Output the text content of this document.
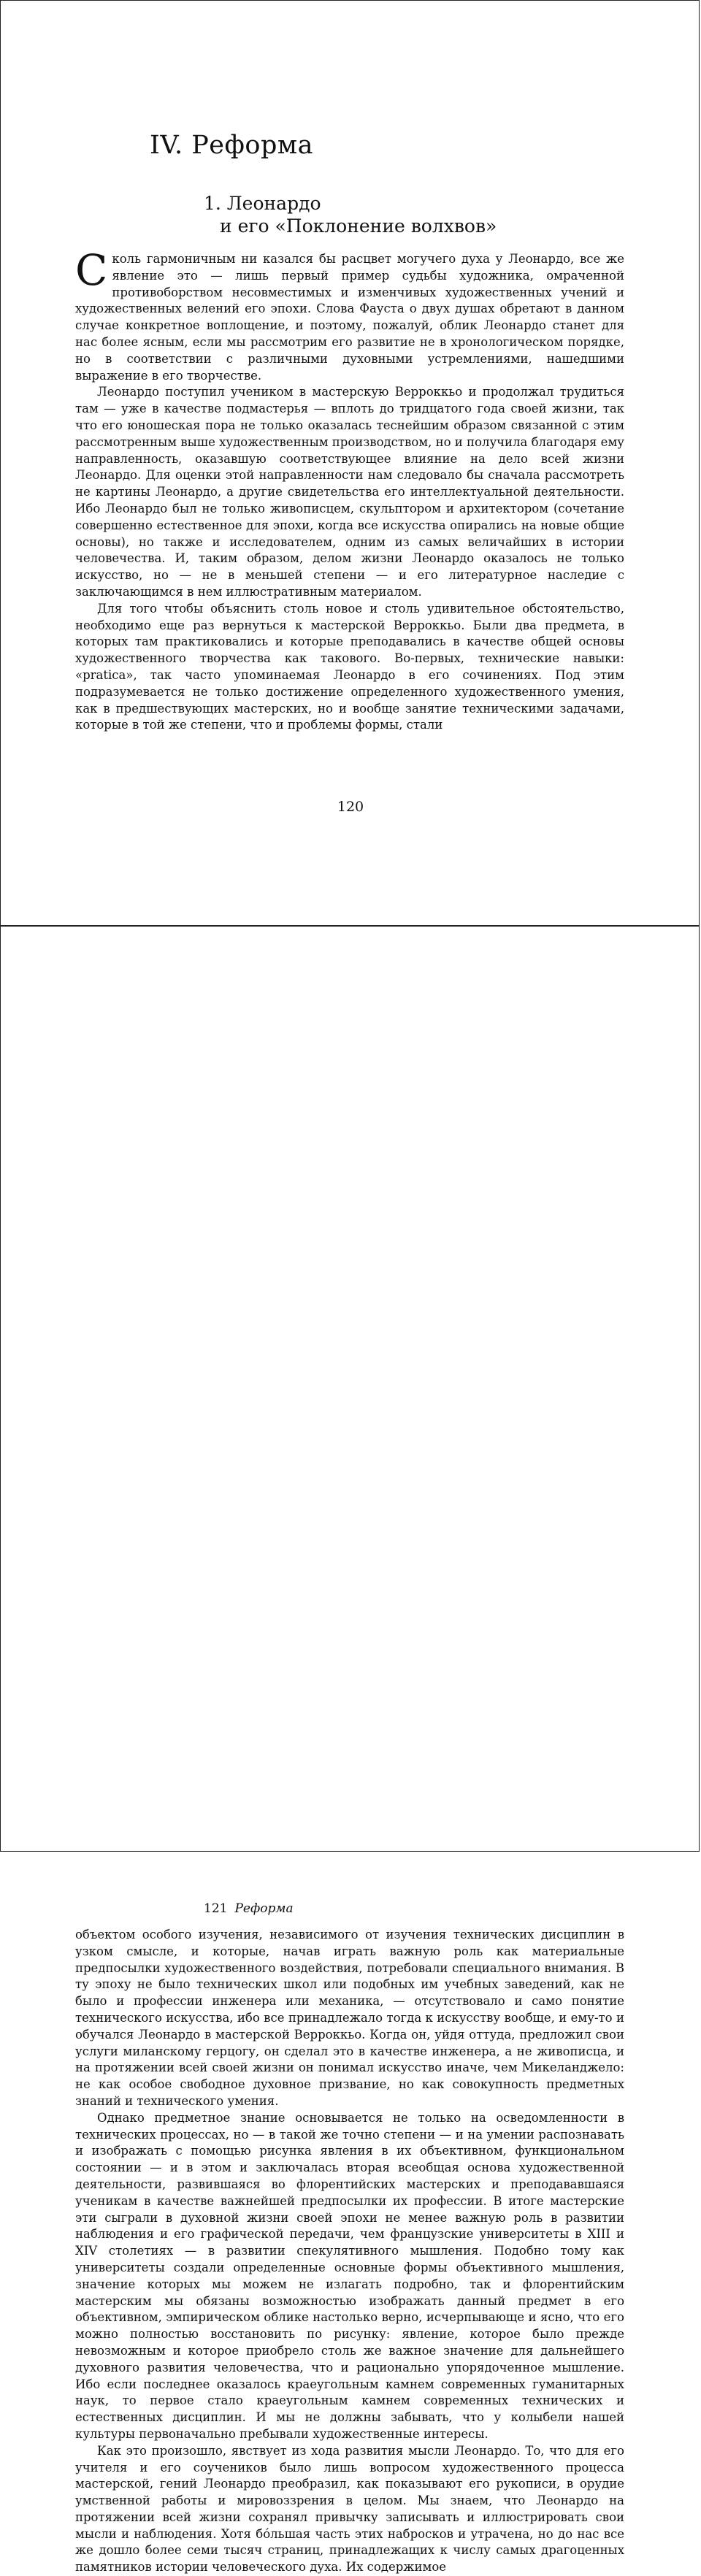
IV. Реформа
1. Леонардо
и его «Поклонение волхвов»

Сколь гармоничным ни казался бы расцвет могучего духа у Леонардо, все же явление это — лишь первый пример судьбы художника, омраченной противоборством несовместимых и изменчивых художественных учений и художественных велений его эпохи. Слова Фауста о двух душах обретают в данном случае конкретное воплощение, и поэтому, пожалуй, облик Леонардо станет для нас более ясным, если мы рассмотрим его развитие не в хронологическом порядке, но в соответствии с различными духовными устремлениями, нашедшими выражение в его творчестве.

Леонардо поступил учеником в мастерскую Верроккьо и продолжал трудиться там — уже в качестве подмастерья — вплоть до тридцатого года своей жизни, так что его юношеская пора не только оказалась теснейшим образом связанной с этим рассмотренным выше художественным производством, но и получила благодаря ему направленность, оказавшую соответствующее влияние на дело всей жизни Леонардо. Для оценки этой направленности нам следовало бы сначала рассмотреть не картины Леонардо, а другие свидетельства его интеллектуальной деятельности. Ибо Леонардо был не только живописцем, скульптором и архитектором (сочетание совершенно естественное для эпохи, когда все искусства опирались на новые общие основы), но также и исследователем, одним из самых величайших в истории человечества. И, таким образом, делом жизни Леонардо оказалось не только искусство, но — не в меньшей степени — и его литературное наследие с заключающимся в нем иллюстративным материалом.

Для того чтобы объяснить столь новое и столь удивительное обстоятельство, необходимо еще раз вернуться к мастерской Верроккьо. Были два предмета, в которых там практиковались и которые преподавались в качестве общей основы художественного творчества как такового. Во-первых, технические навыки: «pratica», так часто упоминаемая Леонардо в его сочинениях. Под этим подразумевается не только достижение определенного художественного умения, как в предшествующих мастерских, но и вообще занятие техническими задачами, которые в той же степени, что и проблемы формы, стали

120
121 Реформа

объектом особого изучения, независимого от изучения технических дисциплин в узком смысле, и которые, начав играть важную роль как материальные предпосылки художественного воздействия, потребовали специального внимания. В ту эпоху не было технических школ или подобных им учебных заведений, как не было и профессии инженера или механика, — отсутствовало и само понятие технического искусства, ибо все принадлежало тогда к искусству вообще, и ему-то и обучался Леонардо в мастерской Верроккьо. Когда он, уйдя оттуда, предложил свои услуги миланскому герцогу, он сделал это в качестве инженера, а не живописца, и на протяжении всей своей жизни он понимал искусство иначе, чем Микеланджело: не как особое свободное духовное призвание, но как совокупность предметных знаний и технического умения.

Однако предметное знание основывается не только на осведомленности в технических процессах, но — в такой же точно степени — и на умении распознавать и изображать с помощью рисунка явления в их объективном, функциональном состоянии — и в этом и заключалась вторая всеобщая основа художественной деятельности, развившаяся во флорентийских мастерских и преподававшаяся ученикам в качестве важнейшей предпосылки их профессии. В итоге мастерские эти сыграли в духовной жизни своей эпохи не менее важную роль в развитии наблюдения и его графической передачи, чем французские университеты в XIII и XIV столетиях — в развитии спекулятивного мышления. Подобно тому как университеты создали определенные основные формы объективного мышления, значение которых мы можем не излагать подробно, так и флорентийским мастерским мы обязаны возможностью изображать данный предмет в его объективном, эмпирическом облике настолько верно, исчерпывающе и ясно, что его можно полностью восстановить по рисунку: явление, которое было прежде невозможным и которое приобрело столь же важное значение для дальнейшего духовного развития человечества, что и рационально упорядоченное мышление. Ибо если последнее оказалось краеугольным камнем современных гуманитарных наук, то первое стало краеугольным камнем современных технических и естественных дисциплин. И мы не должны забывать, что у колыбели нашей культуры первоначально пребывали художественные интересы.

Как это произошло, явствует из хода развития мысли Леонардо. То, что для его учителя и его соучеников было лишь вопросом художественного процесса мастерской, гений Леонардо преобразил, как показывают его рукописи, в орудие умственной работы и мировоззрения в целом. Мы знаем, что Леонардо на протяжении всей жизни сохранял привычку записывать и иллюстрировать свои мысли и наблюдения. Хотя бóльшая часть этих набросков и утрачена, но до нас все же дошло более семи тысяч страниц, принадлежащих к числу самых драгоценных памятников истории человеческого духа. Их содержимое
